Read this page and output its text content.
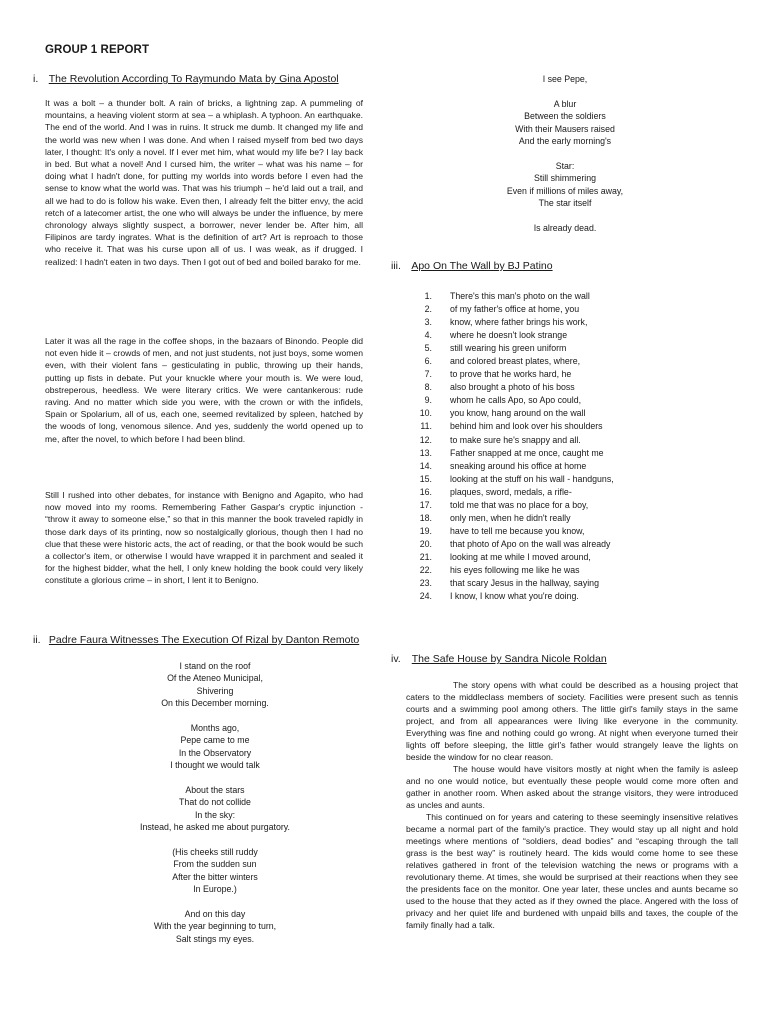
GROUP 1 REPORT
i. The Revolution According To Raymundo Mata by Gina Apostol
It was a bolt – a thunder bolt. A rain of bricks, a lightning zap. A pummeling of mountains, a heaving violent storm at sea – a whiplash. A typhoon. An earthquake. The end of the world. And I was in ruins. It struck me dumb. It changed my life and the world was new when I was done. And when I raised myself from bed two days later, I thought: It's only a novel. If I ever met him, what would my life be? I lay back in bed. But what a novel! And I cursed him, the writer – what was his name – for doing what I hadn't done, for putting my worlds into words before I even had the sense to know what the world was. That was his triumph – he'd laid out a trail, and all we had to do is follow his wake. Even then, I already felt the bitter envy, the acid retch of a latecomer artist, the one who will always be under the influence, by mere chronology always slightly suspect, a borrower, never lender be. After him, all Filipinos are tardy ingrates. What is the definition of art? Art is reproach to those who receive it. That was his curse upon all of us. I was weak, as if drugged. I realized: I hadn't eaten in two days. Then I got out of bed and boiled barako for me.
Later it was all the rage in the coffee shops, in the bazaars of Binondo. People did not even hide it – crowds of men, and not just students, not just boys, some women even, with their violent fans – gesticulating in public, throwing up their hands, putting up fists in debate. Put your knuckle where your mouth is. We were loud, obstreperous, heedless. We were literary critics. We were cantankerous: rude raving. And no matter which side you were, with the crown or with the infidels, Spain or Spolarium, all of us, each one, seemed revitalized by spleen, hatched by the woods of long, venomous silence. And yes, suddenly the world opened up to me, after the novel, to which before I had been blind.
Still I rushed into other debates, for instance with Benigno and Agapito, who had now moved into my rooms. Remembering Father Gaspar's cryptic injunction - “throw it away to someone else,” so that in this manner the book traveled rapidly in those dark days of its printing, now so nostalgically glorious, though then I had no clue that these were historic acts, the act of reading, or that the book would be such a collector's item, or otherwise I would have wrapped it in parchment and sealed it for the highest bidder, what the hell, I only knew holding the book could very likely constitute a glorious crime – in short, I lent it to Benigno.
ii. Padre Faura Witnesses The Execution Of Rizal by Danton Remoto
I stand on the roof
Of the Ateneo Municipal,
Shivering
On this December morning.
Months ago,
Pepe came to me
In the Observatory
I thought we would talk
About the stars
That do not collide
In the sky:
Instead, he asked me about purgatory.
(His cheeks still ruddy
From the sudden sun
After the bitter winters
In Europe.)
And on this day
With the year beginning to turn,
Salt stings my eyes.
I see Pepe,
A blur
Between the soldiers
With their Mausers raised
And the early morning's
Star:
Still shimmering
Even if millions of miles away,
The star itself
Is already dead.
iii. Apo On The Wall by BJ Patino
1.	There's this man's photo on the wall
2.	of my father's office at home, you
3.	know, where father brings his work,
4.	where he doesn't look strange
5.	still wearing his green uniform
6.	and colored breast plates, where,
7.	to prove that he works hard, he
8.	also brought a photo of his boss
9.	whom he calls Apo, so Apo could,
10.	you know, hang around on the wall
11.	behind him and look over his shoulders
12.	to make sure he's snappy and all.
13.	Father snapped at me once, caught me
14.	sneaking around his office at home
15.	looking at the stuff on his wall - handguns,
16.	plaques, sword, medals, a rifle-
17.	told me that was no place for a boy,
18.	only men, when he didn't really
19.	have to tell me because you know,
20.	that photo of Apo on the wall was already
21.	looking at me while I moved around,
22.	his eyes following me like he was
23.	that scary Jesus in the hallway, saying
24.	I know, I know what you're doing.
iv. The Safe House by Sandra Nicole Roldan

The story opens with what could be described as a housing project that caters to the middleclass members of society. Facilities were present such as tennis courts and a swimming pool among others. The little girl's family stays in the same project, and from all appearances were living like everyone in the community. Everything was fine and nothing could go wrong. At night when everyone turned their lights off before sleeping, the little girl's father would strangely leave the lights on beside the window for no clear reason.

The house would have visitors mostly at night when the family is asleep and no one would notice, but eventually these people would come more often and gather in another room. When asked about the strange visitors, they were introduced as uncles and aunts.

This continued on for years and catering to these seemingly insensitive relatives became a normal part of the family's practice. They would stay up all night and hold meetings where mentions of “soldiers, dead bodies” and “escaping through the tall grass is the best way” is routinely heard. The kids would come home to see these relatives gathered in front of the television watching the news or programs with a revolutionary theme. At times, she would be surprised at their reactions when they see the presidents face on the monitor. One year later, these uncles and aunts became so used to the house that they acted as if they owned the place. Angered with the loss of privacy and her quiet life and burdened with unpaid bills and taxes, the couple of the family finally had a talk.
